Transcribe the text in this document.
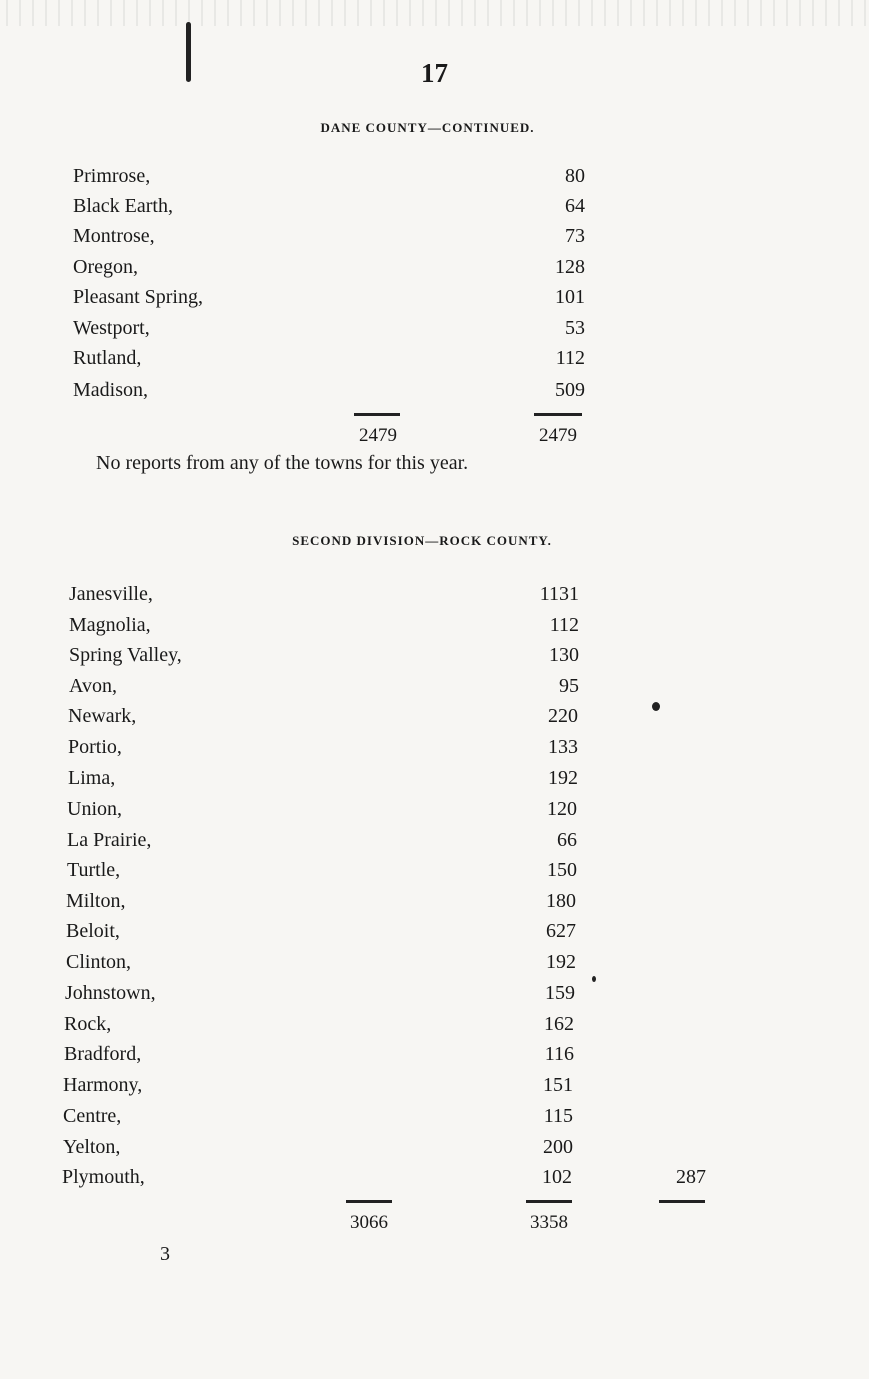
17
DANE COUNTY—CONTINUED.
Primrose,	80
Black Earth,	64
Montrose,	73
Oregon,	128
Pleasant Spring,	101
Westport,	53
Rutland,	112
Madison,	509
2479	2479
No reports from any of the towns for this year.
SECOND DIVISION—ROCK COUNTY.
Janesville,	1131
Magnolia,	112
Spring Valley,	130
Avon,	95
Newark,	220
Portio,	133
Lima,	192
Union,	120
La Prairie,	66
Turtle,	150
Milton,	180
Beloit,	627
Clinton,	192
Johnstown,	159
Rock,	162
Bradford,	116
Harmony,	151
Centre,	115
Yelton,	200
Plymouth,	102	287
3066	3358
3
